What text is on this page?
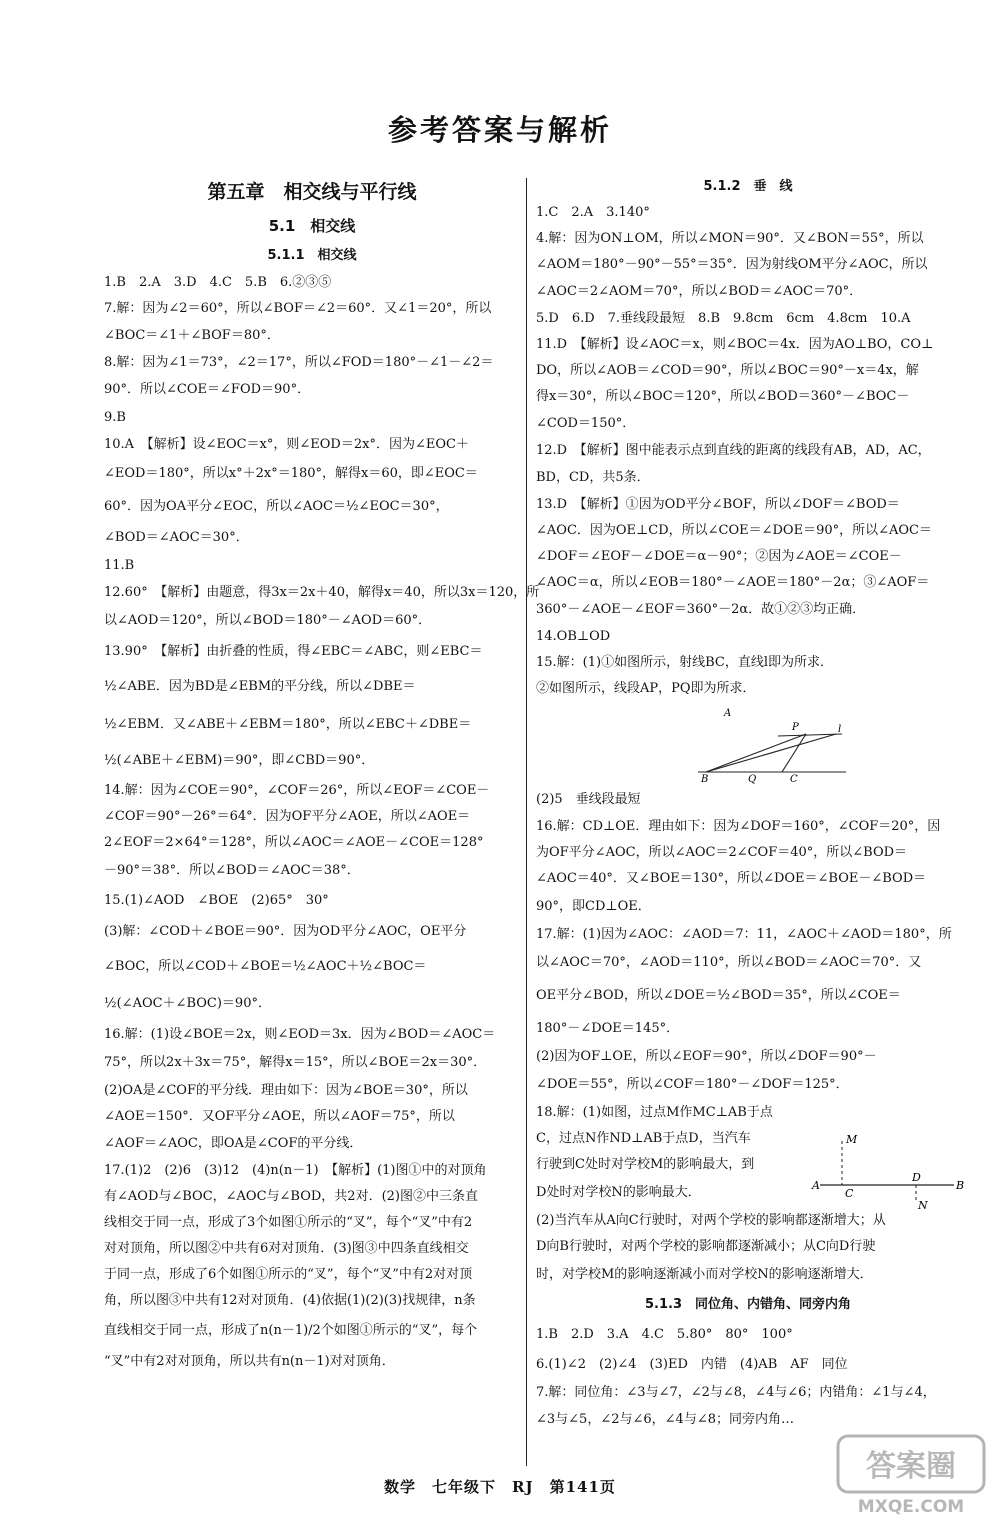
参考答案与解析
第五章　相交线与平行线
5.1　相交线
5.1.1　相交线
1.B　2.A　3.D　4.C　5.B　6.②③⑤
7.解：因为∠2＝60°，所以∠BOF＝∠2＝60°．又∠1＝20°，所以
∠BOC＝∠1＋∠BOF＝80°．
8.解：因为∠1＝73°，∠2＝17°，所以∠FOD＝180°－∠1－∠2＝
90°．所以∠COE＝∠FOD＝90°．
9.B
10.A　【解析】设∠EOC＝x°，则∠EOD＝2x°．因为∠EOC＋
∠EOD＝180°，所以x°＋2x°＝180°，解得x＝60，即∠EOC＝
60°．因为OA平分∠EOC，所以∠AOC＝½∠EOC＝30°，
∠BOD＝∠AOC＝30°．
11.B
12.60°　【解析】由题意，得3x＝2x＋40，解得x＝40，所以3x＝120，所
以∠AOD＝120°，所以∠BOD＝180°－∠AOD＝60°．
13.90°　【解析】由折叠的性质，得∠EBC＝∠ABC，则∠EBC＝
½∠ABE．因为BD是∠EBM的平分线，所以∠DBE＝
½∠EBM．又∠ABE＋∠EBM＝180°，所以∠EBC＋∠DBE＝
½(∠ABE＋∠EBM)＝90°，即∠CBD＝90°．
14.解：因为∠COE＝90°，∠COF＝26°，所以∠EOF＝∠COE－
∠COF＝90°－26°＝64°．因为OF平分∠AOE，所以∠AOE＝
2∠EOF＝2×64°＝128°，所以∠AOC＝∠AOE－∠COE＝128°
－90°＝38°．所以∠BOD＝∠AOC＝38°．
15.(1)∠AOD　∠BOE　(2)65°　30°
(3)解：∠COD＋∠BOE＝90°．因为OD平分∠AOC，OE平分
∠BOC，所以∠COD＋∠BOE＝½∠AOC＋½∠BOC＝
½(∠AOC＋∠BOC)＝90°．
16.解：(1)设∠BOE＝2x，则∠EOD＝3x．因为∠BOD＝∠AOC＝
75°，所以2x＋3x＝75°，解得x＝15°，所以∠BOE＝2x＝30°．
(2)OA是∠COF的平分线．理由如下：因为∠BOE＝30°，所以
∠AOE＝150°．又OF平分∠AOE，所以∠AOF＝75°，所以
∠AOF＝∠AOC，即OA是∠COF的平分线．
17.(1)2　(2)6　(3)12　(4)n(n－1)　【解析】(1)图①中的对顶角
有∠AOD与∠BOC，∠AOC与∠BOD，共2对．(2)图②中三条直
线相交于同一点，形成了3个如图①所示的“叉”，每个“叉”中有2
对对顶角，所以图②中共有6对对顶角．(3)图③中四条直线相交
于同一点，形成了6个如图①所示的“叉”，每个“叉”中有2对对顶
角，所以图③中共有12对对顶角．(4)依据(1)(2)(3)找规律，n条
直线相交于同一点，形成了n(n－1)/2个如图①所示的“叉”，每个
“叉”中有2对对顶角，所以共有n(n－1)对对顶角．
5.1.2　垂　线
1.C　2.A　3.140°
4.解：因为ON⊥OM，所以∠MON＝90°．又∠BON＝55°，所以
∠AOM＝180°－90°－55°＝35°．因为射线OM平分∠AOC，所以
∠AOC＝2∠AOM＝70°，所以∠BOD＝∠AOC＝70°．
5.D　6.D　7.垂线段最短　8.B　9.8cm　6cm　4.8cm　10.A
11.D　【解析】设∠AOC＝x，则∠BOC＝4x．因为AO⊥BO，CO⊥
DO，所以∠AOB＝∠COD＝90°，所以∠BOC＝90°－x＝4x，解
得x＝30°，所以∠BOC＝120°，所以∠BOD＝360°－∠BOC－
∠COD＝150°．
12.D　【解析】图中能表示点到直线的距离的线段有AB，AD，AC，
BD，CD，共5条．
13.D　【解析】①因为OD平分∠BOF，所以∠DOF＝∠BOD＝
∠AOC．因为OE⊥CD，所以∠COE＝∠DOE＝90°，所以∠AOC＝
∠DOF＝∠EOF－∠DOE＝α－90°；②因为∠AOE＝∠COE－
∠AOC＝α，所以∠EOB＝180°－∠AOE＝180°－2α；③∠AOF＝
360°－∠AOE－∠EOF＝360°－2α．故①②③均正确．
14.OB⊥OD
15.解：(1)①如图所示，射线BC，直线l即为所求．
②如图所示，线段AP，PQ即为所求．
A
P	l
B	Q	C
(2)5　垂线段最短
16.解：CD⊥OE．理由如下：因为∠DOF＝160°，∠COF＝20°，因
为OF平分∠AOC，所以∠AOC＝2∠COF＝40°，所以∠BOD＝
∠AOC＝40°．又∠BOE＝130°，所以∠DOE＝∠BOE－∠BOD＝
90°，即CD⊥OE．
17.解：(1)因为∠AOC：∠AOD＝7：11，∠AOC＋∠AOD＝180°，所
以∠AOC＝70°，∠AOD＝110°，所以∠BOD＝∠AOC＝70°．又
OE平分∠BOD，所以∠DOE＝½∠BOD＝35°，所以∠COE＝
180°－∠DOE＝145°．
(2)因为OF⊥OE，所以∠EOF＝90°，所以∠DOF＝90°－
∠DOE＝55°，所以∠COF＝180°－∠DOF＝125°．
18.解：(1)如图，过点M作MC⊥AB于点
C，过点N作ND⊥AB于点D，当汽车
行驶到C处时对学校M的影响最大，到
D处时对学校N的影响最大．
(2)当汽车从A向C行驶时，对两个学校的影响都逐渐增大；从
D向B行驶时，对两个学校的影响都逐渐减小；从C向D行驶
时，对学校M的影响逐渐减小而对学校N的影响逐渐增大．
5.1.3　同位角、内错角、同旁内角
1.B　2.D　3.A　4.C　5.80°　80°　100°
6.(1)∠2　(2)∠4　(3)ED　内错　(4)AB　AF　同位
7.解：同位角：∠3与∠7，∠2与∠8，∠4与∠6；内错角：∠1与∠4，
∠3与∠5，∠2与∠6，∠4与∠8；同旁内角…
M
A
C
D
B
N
数学　七年级下　RJ　第141页
答案圈
MXQE.COM
